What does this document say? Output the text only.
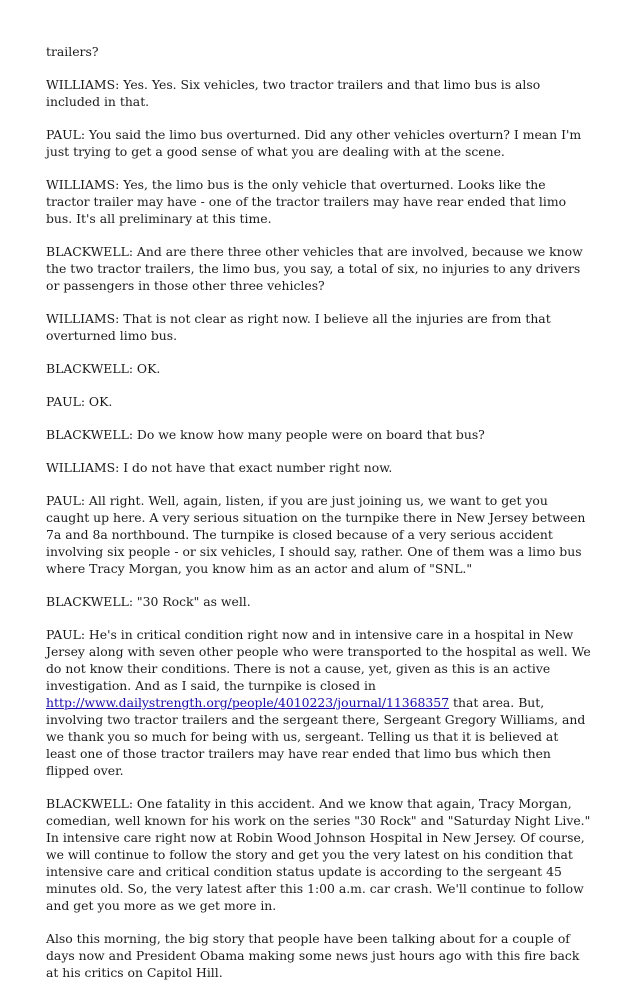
trailers?

WILLIAMS: Yes. Yes. Six vehicles, two tractor trailers and that limo bus is also included in that.

PAUL: You said the limo bus overturned. Did any other vehicles overturn? I mean I'm just trying to get a good sense of what you are dealing with at the scene.

WILLIAMS: Yes, the limo bus is the only vehicle that overturned. Looks like the tractor trailer may have - one of the tractor trailers may have rear ended that limo bus. It's all preliminary at this time.

BLACKWELL: And are there three other vehicles that are involved, because we know the two tractor trailers, the limo bus, you say, a total of six, no injuries to any drivers or passengers in those other three vehicles?

WILLIAMS: That is not clear as right now. I believe all the injuries are from that overturned limo bus.

BLACKWELL: OK.

PAUL: OK.

BLACKWELL: Do we know how many people were on board that bus?

WILLIAMS: I do not have that exact number right now.

PAUL: All right. Well, again, listen, if you are just joining us, we want to get you caught up here. A very serious situation on the turnpike there in New Jersey between 7a and 8a northbound. The turnpike is closed because of a very serious accident involving six people - or six vehicles, I should say, rather. One of them was a limo bus where Tracy Morgan, you know him as an actor and alum of "SNL."

BLACKWELL: "30 Rock" as well.

PAUL: He's in critical condition right now and in intensive care in a hospital in New Jersey along with seven other people who were transported to the hospital as well. We do not know their conditions. There is not a cause, yet, given as this is an active investigation. And as I said, the turnpike is closed in http://www.dailystrength.org/people/4010223/journal/11368357 that area. But, involving two tractor trailers and the sergeant there, Sergeant Gregory Williams, and we thank you so much for being with us, sergeant. Telling us that it is believed at least one of those tractor trailers may have rear ended that limo bus which then flipped over.

BLACKWELL: One fatality in this accident. And we know that again, Tracy Morgan, comedian, well known for his work on the series "30 Rock" and "Saturday Night Live." In intensive care right now at Robin Wood Johnson Hospital in New Jersey. Of course, we will continue to follow the story and get you the very latest on his condition that intensive care and critical condition status update is according to the sergeant 45 minutes old. So, the very latest after this 1:00 a.m. car crash. We'll continue to follow and get you more as we get more in.

Also this morning, the big story that people have been talking about for a couple of days now and President Obama making some news just hours ago with this fire back at his critics on Capitol Hill.
